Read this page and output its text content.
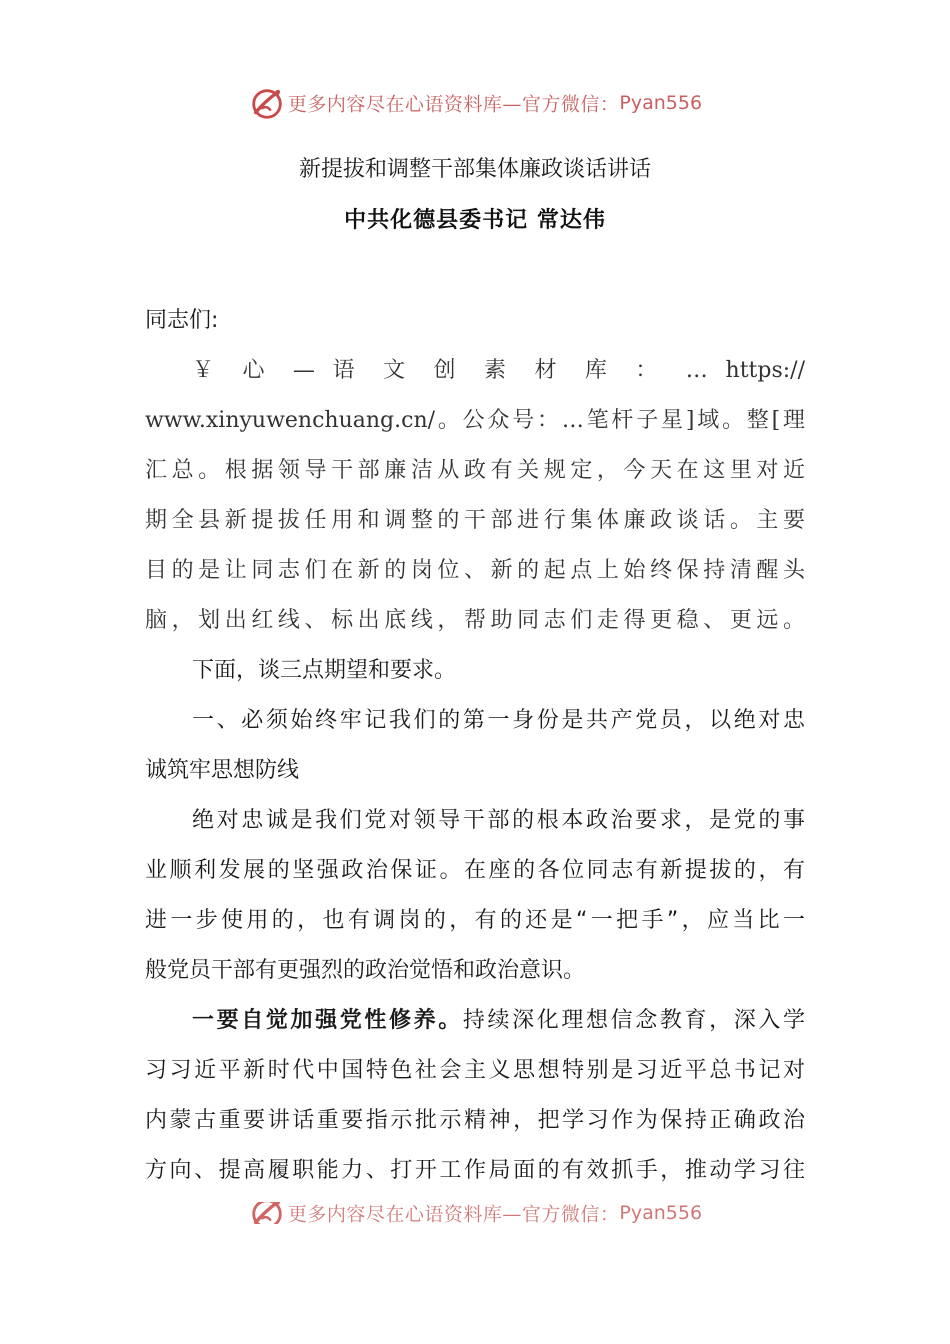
更多内容尽在心语资料库—官方微信：Pyan556
新提拔和调整干部集体廉政谈话讲话
中共化德县委书记 常达伟
同志们:
￥ 心 — 语 文 创 素 材 库 ： … https://
www.xinyuwenchuang.cn/。公众号：…笔杆子星]域。整[理
汇总。根据领导干部廉洁从政有关规定，今天在这里对近
期全县新提拔任用和调整的干部进行集体廉政谈话。主要
目的是让同志们在新的岗位、新的起点上始终保持清醒头
脑，划出红线、标出底线，帮助同志们走得更稳、更远。
下面，谈三点期望和要求。
一、必须始终牢记我们的第一身份是共产党员，以绝对忠
诚筑牢思想防线
绝对忠诚是我们党对领导干部的根本政治要求，是党的事
业顺利发展的坚强政治保证。在座的各位同志有新提拔的，有
进一步使用的，也有调岗的，有的还是“一把手”，应当比一
般党员干部有更强烈的政治觉悟和政治意识。
一要自觉加强党性修养。持续深化理想信念教育，深入学
习习近平新时代中国特色社会主义思想特别是习近平总书记对
内蒙古重要讲话重要指示批示精神，把学习作为保持正确政治
方向、提高履职能力、打开工作局面的有效抓手，推动学习往
更多内容尽在心语资料库—官方微信：Pyan556
